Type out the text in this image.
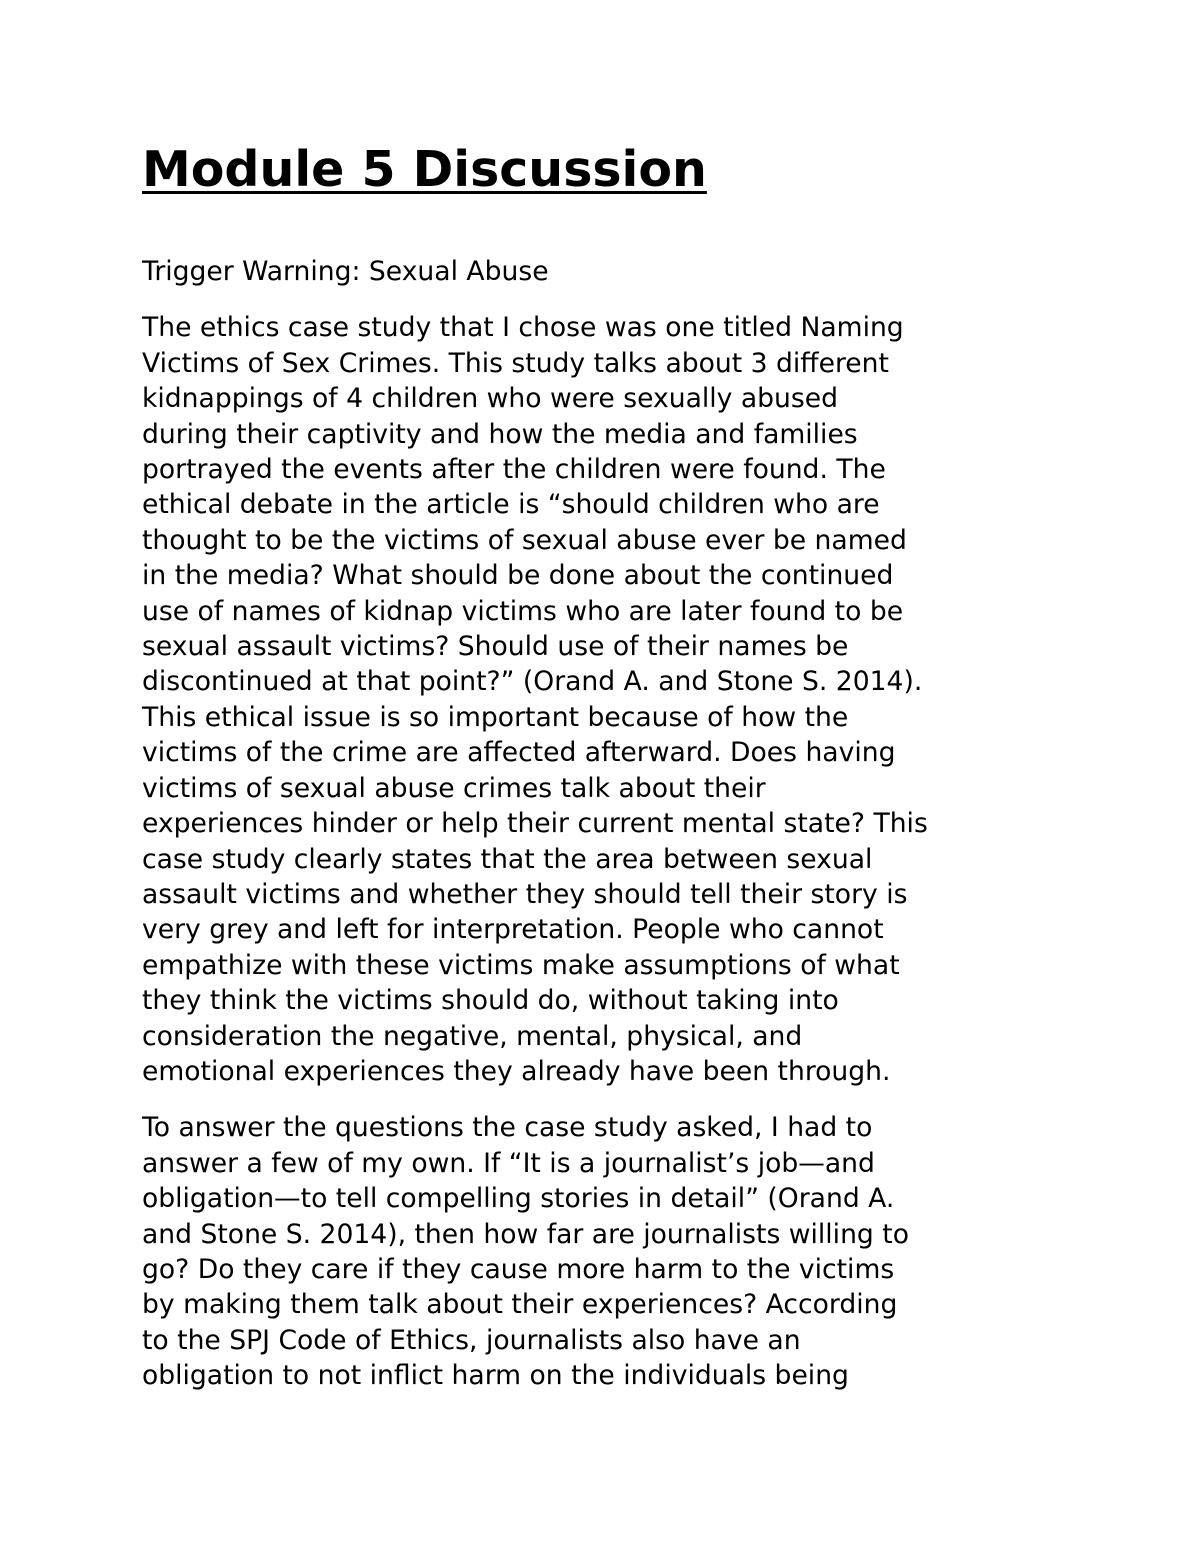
Module 5 Discussion

Trigger Warning: Sexual Abuse

The ethics case study that I chose was one titled Naming
Victims of Sex Crimes. This study talks about 3 different
kidnappings of 4 children who were sexually abused
during their captivity and how the media and families
portrayed the events after the children were found. The
ethical debate in the article is “should children who are
thought to be the victims of sexual abuse ever be named
in the media? What should be done about the continued
use of names of kidnap victims who are later found to be
sexual assault victims? Should use of their names be
discontinued at that point?” (Orand A. and Stone S. 2014).
This ethical issue is so important because of how the
victims of the crime are affected afterward. Does having
victims of sexual abuse crimes talk about their
experiences hinder or help their current mental state? This
case study clearly states that the area between sexual
assault victims and whether they should tell their story is
very grey and left for interpretation. People who cannot
empathize with these victims make assumptions of what
they think the victims should do, without taking into
consideration the negative, mental, physical, and
emotional experiences they already have been through.

To answer the questions the case study asked, I had to
answer a few of my own. If “It is a journalist’s job—and
obligation—to tell compelling stories in detail” (Orand A.
and Stone S. 2014), then how far are journalists willing to
go? Do they care if they cause more harm to the victims
by making them talk about their experiences? According
to the SPJ Code of Ethics, journalists also have an
obligation to not inflict harm on the individuals being
